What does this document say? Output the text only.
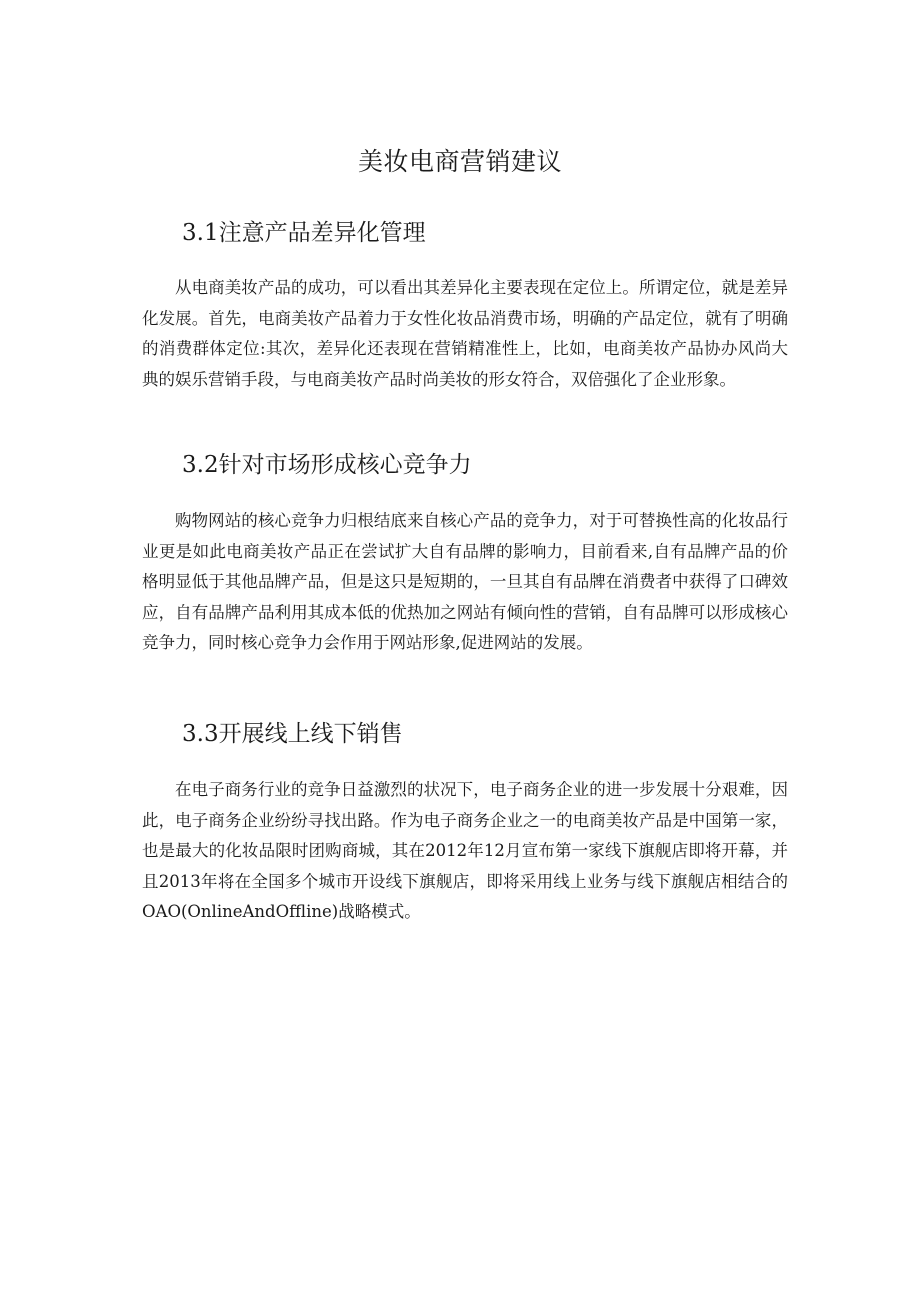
美妆电商营销建议
3.1注意产品差异化管理

从电商美妆产品的成功，可以看出其差异化主要表现在定位上。所谓定位，就是差异化发展。首先，电商美妆产品着力于女性化妆品消费市场，明确的产品定位，就有了明确的消费群体定位:其次，差异化还表现在营销精准性上，比如，电商美妆产品协办风尚大典的娱乐营销手段，与电商美妆产品时尚美妆的形女符合，双倍强化了企业形象。

3.2针对市场形成核心竞争力

购物网站的核心竞争力归根结底来自核心产品的竞争力，对于可替换性高的化妆品行业更是如此电商美妆产品正在尝试扩大自有品牌的影响力，目前看来,自有品牌产品的价格明显低于其他品牌产品，但是这只是短期的，一旦其自有品牌在消费者中获得了口碑效应，自有品牌产品利用其成本低的优热加之网站有倾向性的营销，自有品牌可以形成核心竞争力，同时核心竞争力会作用于网站形象,促进网站的发展。

3.3开展线上线下销售

在电子商务行业的竞争日益激烈的状况下，电子商务企业的进一步发展十分艰难，因此，电子商务企业纷纷寻找出路。作为电子商务企业之一的电商美妆产品是中国第一家，也是最大的化妆品限时团购商城，其在2012年12月宣布第一家线下旗舰店即将开幕，并且2013年将在全国多个城市开设线下旗舰店，即将采用线上业务与线下旗舰店相结合的OAO(OnlineAndOffline)战略模式。
